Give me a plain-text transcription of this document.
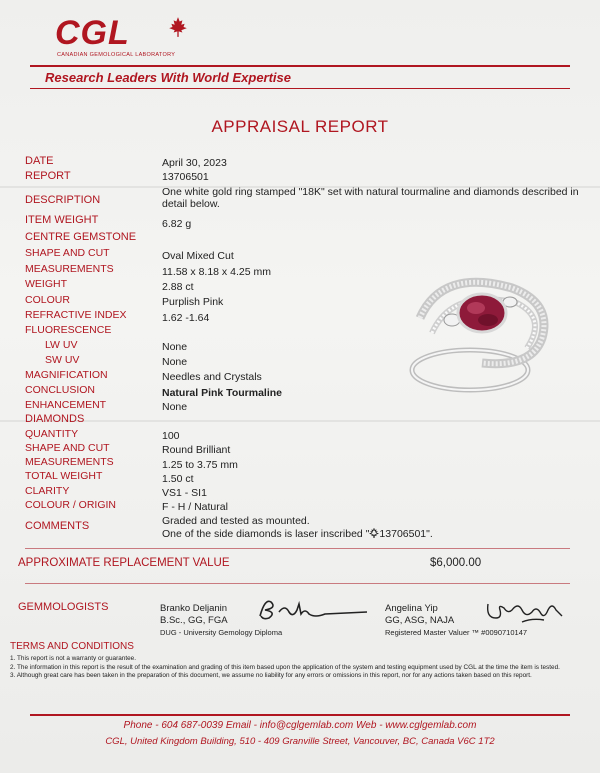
CGL
CANADIAN GEMOLOGICAL LABORATORY
Research Leaders With World Expertise
APPRAISAL REPORT
DATE	April 30, 2023
REPORT	13706501
DESCRIPTION
One white gold ring stamped "18K" set with natural tourmaline and diamonds described in detail below.
ITEM WEIGHT	6.82 g
CENTRE GEMSTONE
SHAPE AND CUT	Oval Mixed Cut
MEASUREMENTS	11.58 x 8.18 x 4.25 mm
WEIGHT	2.88 ct
COLOUR	Purplish Pink
REFRACTIVE INDEX	1.62 -1.64
FLUORESCENCE
LW UV	None
SW UV	None
MAGNIFICATION	Needles and Crystals
CONCLUSION	Natural Pink Tourmaline
ENHANCEMENT	None
DIAMONDS
QUANTITY	100
SHAPE AND CUT	Round Brilliant
MEASUREMENTS	1.25 to 3.75 mm
TOTAL WEIGHT	1.50 ct
CLARITY	VS1 - SI1
COLOUR / ORIGIN	F - H / Natural
COMMENTS	Graded and tested as mounted.
One of the side diamonds is laser inscribed " 13706501".
APPROXIMATE REPLACEMENT VALUE	$6,000.00
GEMMOLOGISTS	Branko Deljanin
B.Sc., GG, FGA
DUG - University Gemology Diploma
Angelina Yip
GG, ASG, NAJA
Registered Master Valuer ™ #0090710147
TERMS AND CONDITIONS
1. This report is not a warranty or guarantee.
2. The information in this report is the result of the examination and grading of this item based upon the application of the system and testing equipment used by CGL at the time the item is tested.
3. Although great care has been taken in the preparation of this document, we assume no liability for any errors or omissions in this report, nor for any actions taken based on this report.
Phone - 604 687-0039 Email - info@cglgemlab.com Web - www.cglgemlab.com
CGL, United Kingdom Building, 510 - 409 Granville Street, Vancouver, BC, Canada V6C 1T2
